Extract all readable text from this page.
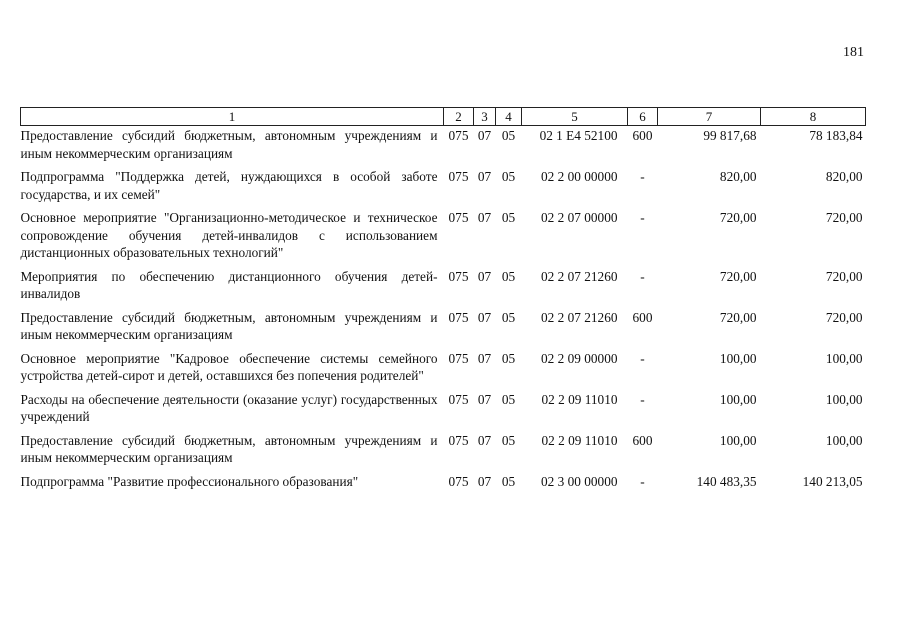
181
1	2	3	4	5	6	7	8
Предоставление субсидий бюджетным, автономным учреждениям и иным некоммерческим организациям	075	07	05	02 1 E4 52100	600	99 817,68	78 183,84
Подпрограмма "Поддержка детей, нуждающихся в особой заботе государства, и их семей"	075	07	05	02 2 00 00000	-	820,00	820,00
Основное мероприятие "Организационно-методическое и техническое сопровождение обучения детей-инвалидов с использованием дистанционных образовательных технологий"	075	07	05	02 2 07 00000	-	720,00	720,00
Мероприятия по обеспечению дистанционного обучения детей-инвалидов	075	07	05	02 2 07 21260	-	720,00	720,00
Предоставление субсидий бюджетным, автономным учреждениям и иным некоммерческим организациям	075	07	05	02 2 07 21260	600	720,00	720,00
Основное мероприятие "Кадровое обеспечение системы семейного устройства детей-сирот и детей, оставшихся без попечения родителей"	075	07	05	02 2 09 00000	-	100,00	100,00
Расходы на обеспечение деятельности (оказание услуг) государственных учреждений	075	07	05	02 2 09 11010	-	100,00	100,00
Предоставление субсидий бюджетным, автономным учреждениям и иным некоммерческим организациям	075	07	05	02 2 09 11010	600	100,00	100,00
Подпрограмма "Развитие профессионального образования"	075	07	05	02 3 00 00000	-	140 483,35	140 213,05
